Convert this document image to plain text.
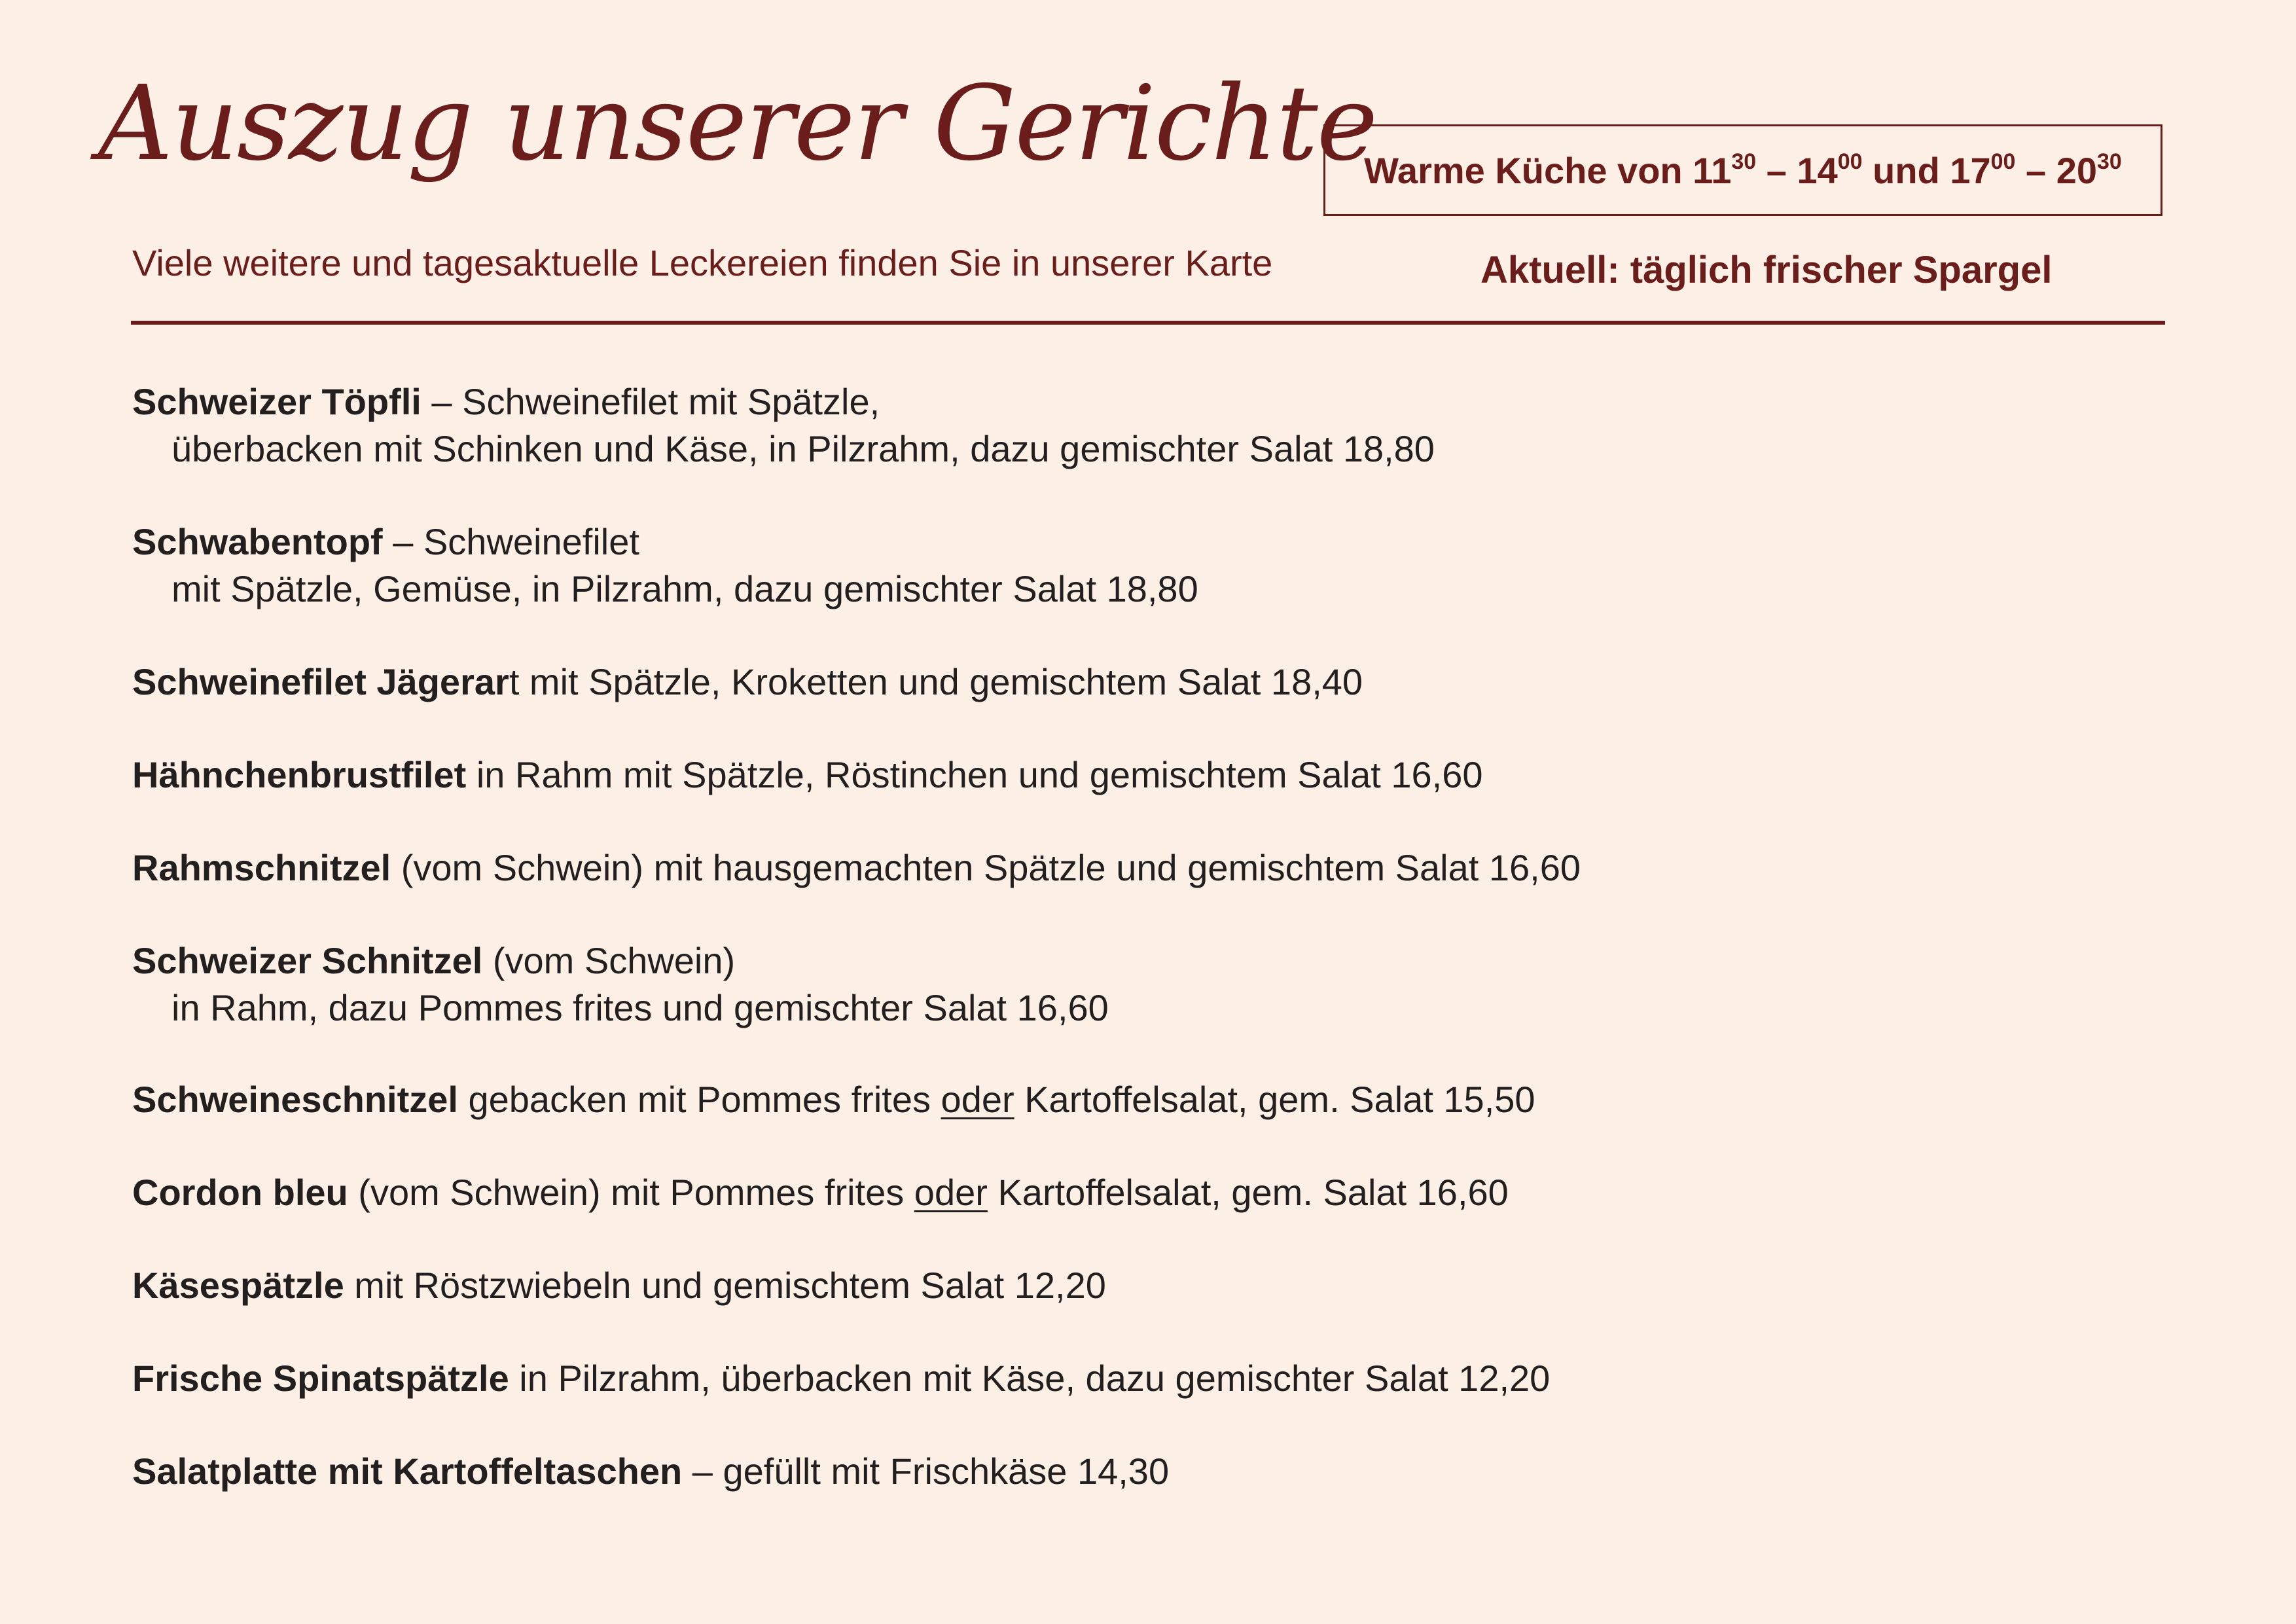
Auszug unserer Gerichte
Viele weitere und tagesaktuelle Leckereien finden Sie in unserer Karte
Warme Küche von $11^{30} - 14^{00}$ und $17^{00} - 20^{30}$
Aktuell: täglich frischer Spargel
Schweizer Töpfli – Schweinefilet mit Spätzle,
überbacken mit Schinken und Käse, in Pilzrahm, dazu gemischter Salat 18,80
Schwabentopf – Schweinefilet
mit Spätzle, Gemüse, in Pilzrahm, dazu gemischter Salat 18,80
Schweinefilet Jägerart mit Spätzle, Kroketten und gemischtem Salat 18,40
Hähnchenbrustfilet in Rahm mit Spätzle, Röstinchen und gemischtem Salat 16,60
Rahmschnitzel (vom Schwein) mit hausgemachten Spätzle und gemischtem Salat 16,60
Schweizer Schnitzel (vom Schwein)
in Rahm, dazu Pommes frites und gemischter Salat 16,60
Schweineschnitzel gebacken mit Pommes frites oder Kartoffelsalat, gem. Salat 15,50
Cordon bleu (vom Schwein) mit Pommes frites oder Kartoffelsalat, gem. Salat 16,60
Käsespätzle mit Röstzwiebeln und gemischtem Salat 12,20
Frische Spinatspätzle in Pilzrahm, überbacken mit Käse, dazu gemischter Salat 12,20
Salatplatte mit Kartoffeltaschen – gefüllt mit Frischkäse 14,30
